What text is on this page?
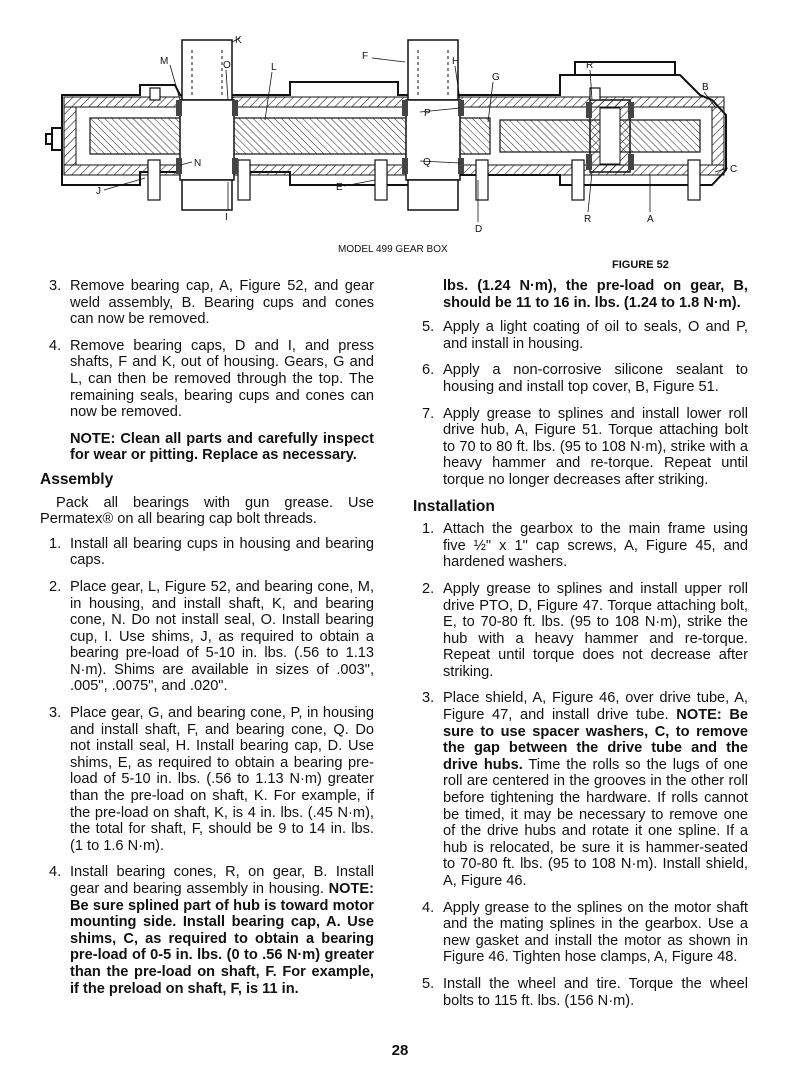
K
M	O	L
F	H
G
R
B
P
N	Q
C
J
I
E
D
R	A
MODEL 499 GEAR BOX
FIGURE 52
3. Remove bearing cap, A, Figure 52, and gear weld assembly, B. Bearing cups and cones can now be removed.
4. Remove bearing caps, D and I, and press shafts, F and K, out of housing. Gears, G and L, can then be removed through the top. The remaining seals, bearing cups and cones can now be removed.
NOTE: Clean all parts and carefully inspect for wear or pitting. Replace as necessary.
Assembly

Pack all bearings with gun grease. Use Permatex® on all bearing cap bolt threads.

1. Install all bearing cups in housing and bearing caps.
2. Place gear, L, Figure 52, and bearing cone, M, in housing, and install shaft, K, and bearing cone, N. Do not install seal, O. Install bearing cup, I. Use shims, J, as required to obtain a bearing pre-load of 5-10 in. lbs. (.56 to 1.13 N·m). Shims are available in sizes of .003", .005", .0075", and .020".
3. Place gear, G, and bearing cone, P, in housing and install shaft, F, and bearing cone, Q. Do not install seal, H. Install bearing cap, D. Use shims, E, as required to obtain a bearing pre-load of 5-10 in. lbs. (.56 to 1.13 N·m) greater than the pre-load on shaft, K. For example, if the pre-load on shaft, K, is 4 in. lbs. (.45 N·m), the total for shaft, F, should be 9 to 14 in. lbs. (1 to 1.6 N·m).
4. Install bearing cones, R, on gear, B. Install gear and bearing assembly in housing. NOTE: Be sure splined part of hub is toward motor mounting side. Install bearing cap, A. Use shims, C, as required to obtain a bearing pre-load of 0-5 in. lbs. (0 to .56 N·m) greater than the pre-load on shaft, F. For example, if the preload on shaft, F, is 11 in.
lbs. (1.24 N·m), the pre-load on gear, B, should be 11 to 16 in. lbs. (1.24 to 1.8 N·m).
5. Apply a light coating of oil to seals, O and P, and install in housing.
6. Apply a non-corrosive silicone sealant to housing and install top cover, B, Figure 51.
7. Apply grease to splines and install lower roll drive hub, A, Figure 51. Torque attaching bolt to 70 to 80 ft. lbs. (95 to 108 N·m), strike with a heavy hammer and re-torque. Repeat until torque no longer decreases after striking.
Installation
1. Attach the gearbox to the main frame using five ½" x 1" cap screws, A, Figure 45, and hardened washers.
2. Apply grease to splines and install upper roll drive PTO, D, Figure 47. Torque attaching bolt, E, to 70-80 ft. lbs. (95 to 108 N·m), strike the hub with a heavy hammer and re-torque. Repeat until torque does not decrease after striking.
3. Place shield, A, Figure 46, over drive tube, A, Figure 47, and install drive tube. NOTE: Be sure to use spacer washers, C, to remove the gap between the drive tube and the drive hubs. Time the rolls so the lugs of one roll are centered in the grooves in the other roll before tightening the hardware. If rolls cannot be timed, it may be necessary to remove one of the drive hubs and rotate it one spline. If a hub is relocated, be sure it is hammer-seated to 70-80 ft. lbs. (95 to 108 N·m). Install shield, A, Figure 46.
4. Apply grease to the splines on the motor shaft and the mating splines in the gearbox. Use a new gasket and install the motor as shown in Figure 46. Tighten hose clamps, A, Figure 48.
5. Install the wheel and tire. Torque the wheel bolts to 115 ft. lbs. (156 N·m).
28
